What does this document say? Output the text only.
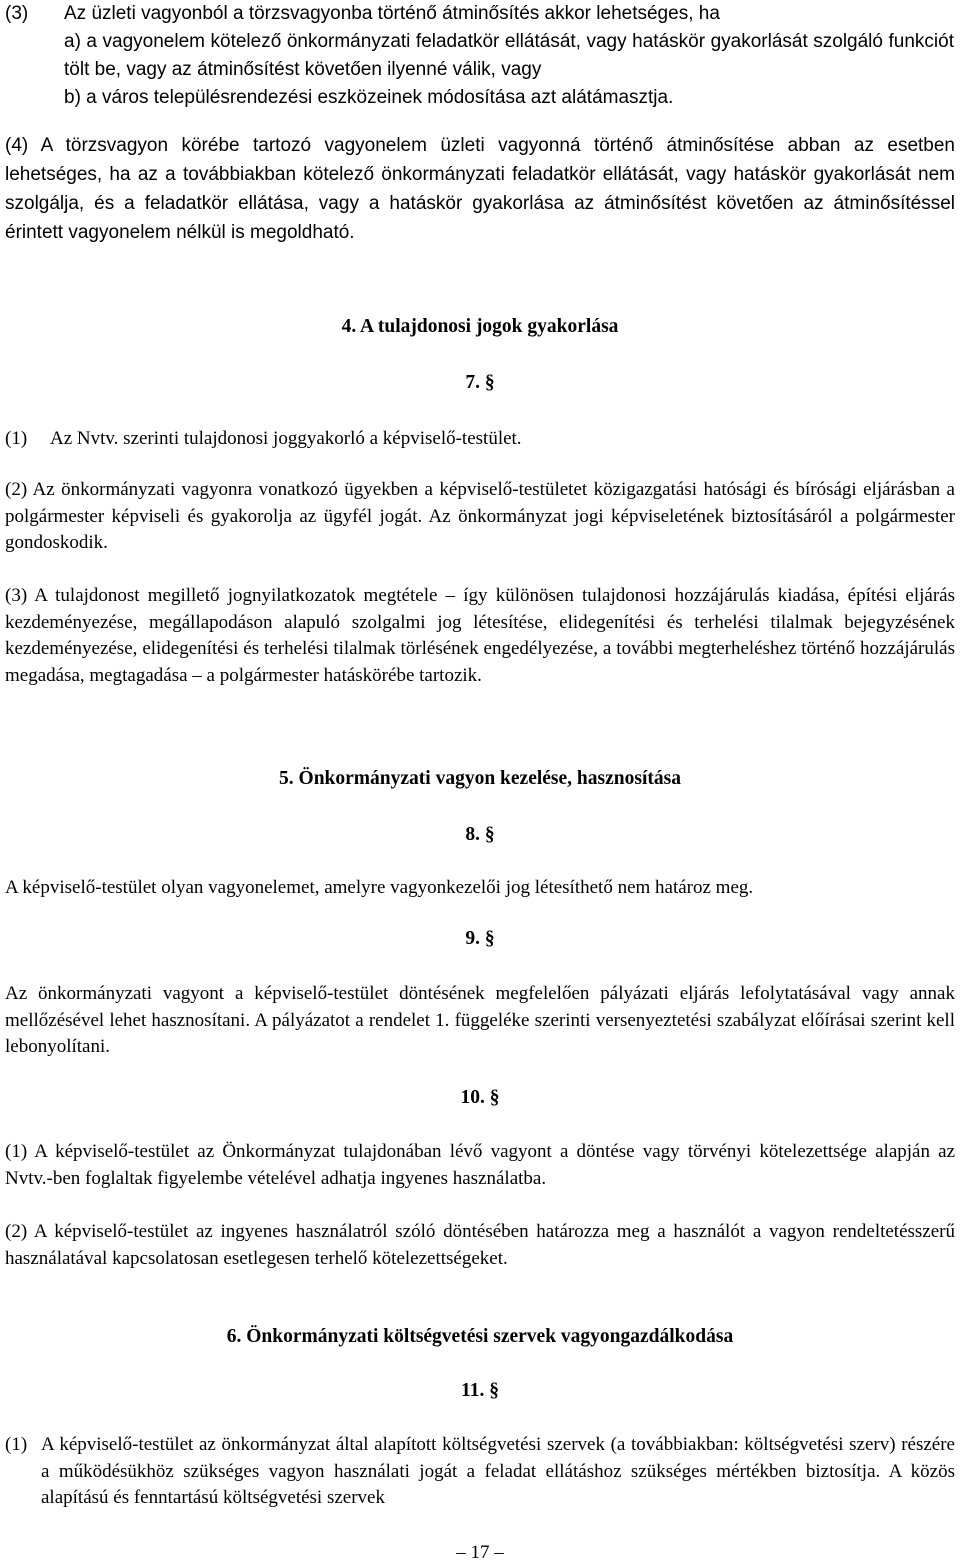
(3) Az üzleti vagyonból a törzsvagyonba történő átminősítés akkor lehetséges, ha

a) a vagyonelem kötelező önkormányzati feladatkör ellátását, vagy hatáskör gyakorlását szolgáló funkciót tölt be, vagy az átminősítést követően ilyenné válik, vagy

b) a város településrendezési eszközeinek módosítása azt alátámasztja.

(4) A törzsvagyon körébe tartozó vagyonelem üzleti vagyonná történő átminősítése abban az esetben lehetséges, ha az a továbbiakban kötelező önkormányzati feladatkör ellátását, vagy hatáskör gyakorlását nem szolgálja, és a feladatkör ellátása, vagy a hatáskör gyakorlása az átminősítést követően az átminősítéssel érintett vagyonelem nélkül is megoldható.

4. A tulajdonosi jogok gyakorlása
7. §
(1) Az Nvtv. szerinti tulajdonosi joggyakorló a képviselő-testület.

(2) Az önkormányzati vagyonra vonatkozó ügyekben a képviselő-testületet közigazgatási hatósági és bírósági eljárásban a polgármester képviseli és gyakorolja az ügyfél jogát. Az önkormányzat jogi képviseletének biztosításáról a polgármester gondoskodik.

(3) A tulajdonost megillető jognyilatkozatok megtétele – így különösen tulajdonosi hozzájárulás kiadása, építési eljárás kezdeményezése, megállapodáson alapuló szolgalmi jog létesítése, elidegenítési és terhelési tilalmak bejegyzésének kezdeményezése, elidegenítési és terhelési tilalmak törlésének engedélyezése, a további megterheléshez történő hozzájárulás megadása, megtagadása – a polgármester hatáskörébe tartozik.

5. Önkormányzati vagyon kezelése, hasznosítása
8. §

A képviselő-testület olyan vagyonelemet, amelyre vagyonkezelői jog létesíthető nem határoz meg.

9. §

Az önkormányzati vagyont a képviselő-testület döntésének megfelelően pályázati eljárás lefolytatásával vagy annak mellőzésével lehet hasznosítani. A pályázatot a rendelet 1. függeléke szerinti versenyeztetési szabályzat előírásai szerint kell lebonyolítani.

10. §

(1) A képviselő-testület az Önkormányzat tulajdonában lévő vagyont a döntése vagy törvényi kötelezettsége alapján az Nvtv.-ben foglaltak figyelembe vételével adhatja ingyenes használatba.

(2) A képviselő-testület az ingyenes használatról szóló döntésében határozza meg a használót a vagyon rendeltetésszerű használatával kapcsolatosan esetlegesen terhelő kötelezettségeket.

6. Önkormányzati költségvetési szervek vagyongazdálkodása
11. §
(1) A képviselő-testület az önkormányzat által alapított költségvetési szervek (a továbbiakban: költségvetési szerv) részére a működésükhöz szükséges vagyon használati jogát a feladat ellátáshoz szükséges mértékben biztosítja. A közös alapítású és fenntartású költségvetési szervek

– 17 –
